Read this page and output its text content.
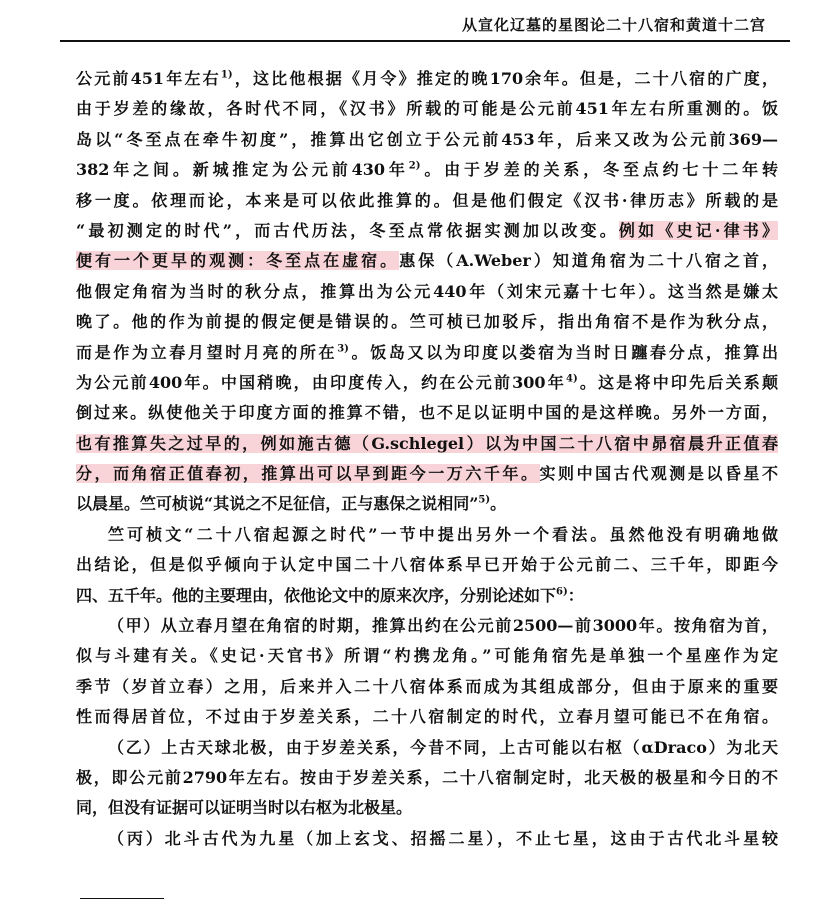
从宣化辽墓的星图论二十八宿和黄道十二宫
公元前451年左右$^{1)}$，这比他根据《月令》推定的晚170余年。但是，二十八宿的广度，
由于岁差的缘故，各时代不同，《汉书》所载的可能是公元前451年左右所重测的。饭
岛以“冬至点在牵牛初度”，推算出它创立于公元前453年，后来又改为公元前369—
382年之间。新城推定为公元前430年$^{2)}$。由于岁差的关系，冬至点约七十二年转
移一度。依理而论，本来是可以依此推算的。但是他们假定《汉书·律历志》所载的是
“最初测定的时代”，而古代历法，冬至点常依据实测加以改变。例如《史记·律书》
便有一个更早的观测：冬至点在虚宿。惠保（A.Weber）知道角宿为二十八宿之首，
他假定角宿为当时的秋分点，推算出为公元440年（刘宋元嘉十七年）。这当然是嫌太
晚了。他的作为前提的假定便是错误的。竺可桢已加驳斥，指出角宿不是作为秋分点，
而是作为立春月望时月亮的所在$^{3)}$。饭岛又以为印度以娄宿为当时日躔春分点，推算出
为公元前400年。中国稍晚，由印度传入，约在公元前300年$^{4)}$。这是将中印先后关系颠
倒过来。纵使他关于印度方面的推算不错，也不足以证明中国的是这样晚。另外一方面，
也有推算失之过早的，例如施古德（G.schlegel）以为中国二十八宿中昴宿晨升正值春
分，而角宿正值春初，推算出可以早到距今一万六千年。实则中国古代观测是以昏星不
以晨星。竺可桢说“其说之不足征信，正与惠保之说相同”$^{5)}$。
竺可桢文“二十八宿起源之时代”一节中提出另外一个看法。虽然他没有明确地做
出结论，但是似乎倾向于认定中国二十八宿体系早已开始于公元前二、三千年，即距今
四、五千年。他的主要理由，依他论文中的原来次序，分别论述如下$^{6)}$：
（甲）从立春月望在角宿的时期，推算出约在公元前2500—前3000年。按角宿为首，
似与斗建有关。《史记·天官书》所谓“杓携龙角。”可能角宿先是单独一个星座作为定
季节（岁首立春）之用，后来并入二十八宿体系而成为其组成部分，但由于原来的重要
性而得居首位，不过由于岁差关系，二十八宿制定的时代，立春月望可能已不在角宿。
（乙）上古天球北极，由于岁差关系，今昔不同，上古可能以右枢（αDraco）为北天
极，即公元前2790年左右。按由于岁差关系，二十八宿制定时，北天极的极星和今日的不
同，但没有证据可以证明当时以右枢为北极星。
（丙）北斗古代为九星（加上玄戈、招摇二星），不止七星，这由于古代北斗星较
